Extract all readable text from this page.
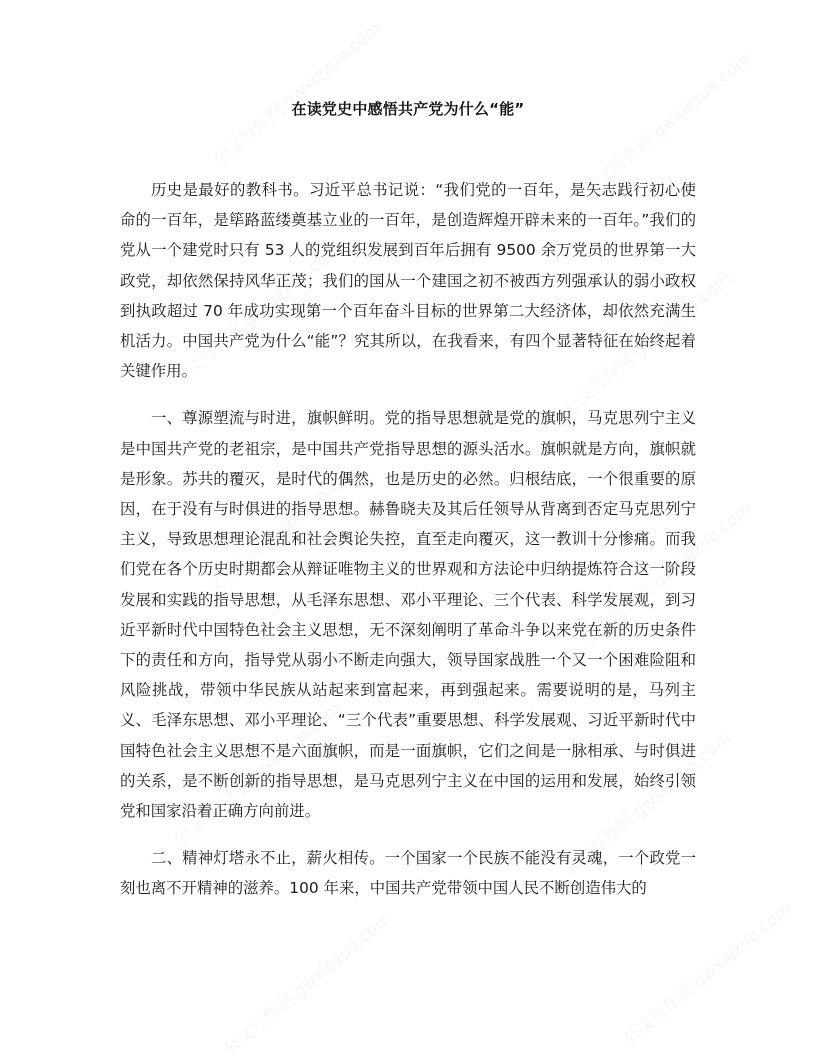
在读党史中感悟共产党为什么“能”

历史是最好的教科书。习近平总书记说：“我们党的一百年，是矢志践行初心使命的一百年，是筚路蓝缕奠基立业的一百年，是创造辉煌开辟未来的一百年。”我们的党从一个建党时只有 53 人的党组织发展到百年后拥有 9500 余万党员的世界第一大政党，却依然保持风华正茂；我们的国从一个建国之初不被西方列强承认的弱小政权到执政超过 70 年成功实现第一个百年奋斗目标的世界第二大经济体，却依然充满生机活力。中国共产党为什么“能”？究其所以，在我看来，有四个显著特征在始终起着关键作用。

一、尊源塑流与时进，旗帜鲜明。党的指导思想就是党的旗帜，马克思列宁主义是中国共产党的老祖宗，是中国共产党指导思想的源头活水。旗帜就是方向，旗帜就是形象。苏共的覆灭，是时代的偶然，也是历史的必然。归根结底，一个很重要的原因，在于没有与时俱进的指导思想。赫鲁晓夫及其后任领导从背离到否定马克思列宁主义，导致思想理论混乱和社会舆论失控，直至走向覆灭，这一教训十分惨痛。而我们党在各个历史时期都会从辩证唯物主义的世界观和方法论中归纳提炼符合这一阶段发展和实践的指导思想，从毛泽东思想、邓小平理论、三个代表、科学发展观，到习近平新时代中国特色社会主义思想，无不深刻阐明了革命斗争以来党在新的历史条件下的责任和方向，指导党从弱小不断走向强大，领导国家战胜一个又一个困难险阻和风险挑战，带领中华民族从站起来到富起来，再到强起来。需要说明的是，马列主义、毛泽东思想、邓小平理论、“三个代表”重要思想、科学发展观、习近平新时代中国特色社会主义思想不是六面旗帜，而是一面旗帜，它们之间是一脉相承、与时俱进的关系，是不断创新的指导思想，是马克思列宁主义在中国的运用和发展，始终引领党和国家沿着正确方向前进。

二、精神灯塔永不止，薪火相传。一个国家一个民族不能没有灵魂，一个政党一刻也离不开精神的滋养。100 年来，中国共产党带领中国人民不断创造伟大的
